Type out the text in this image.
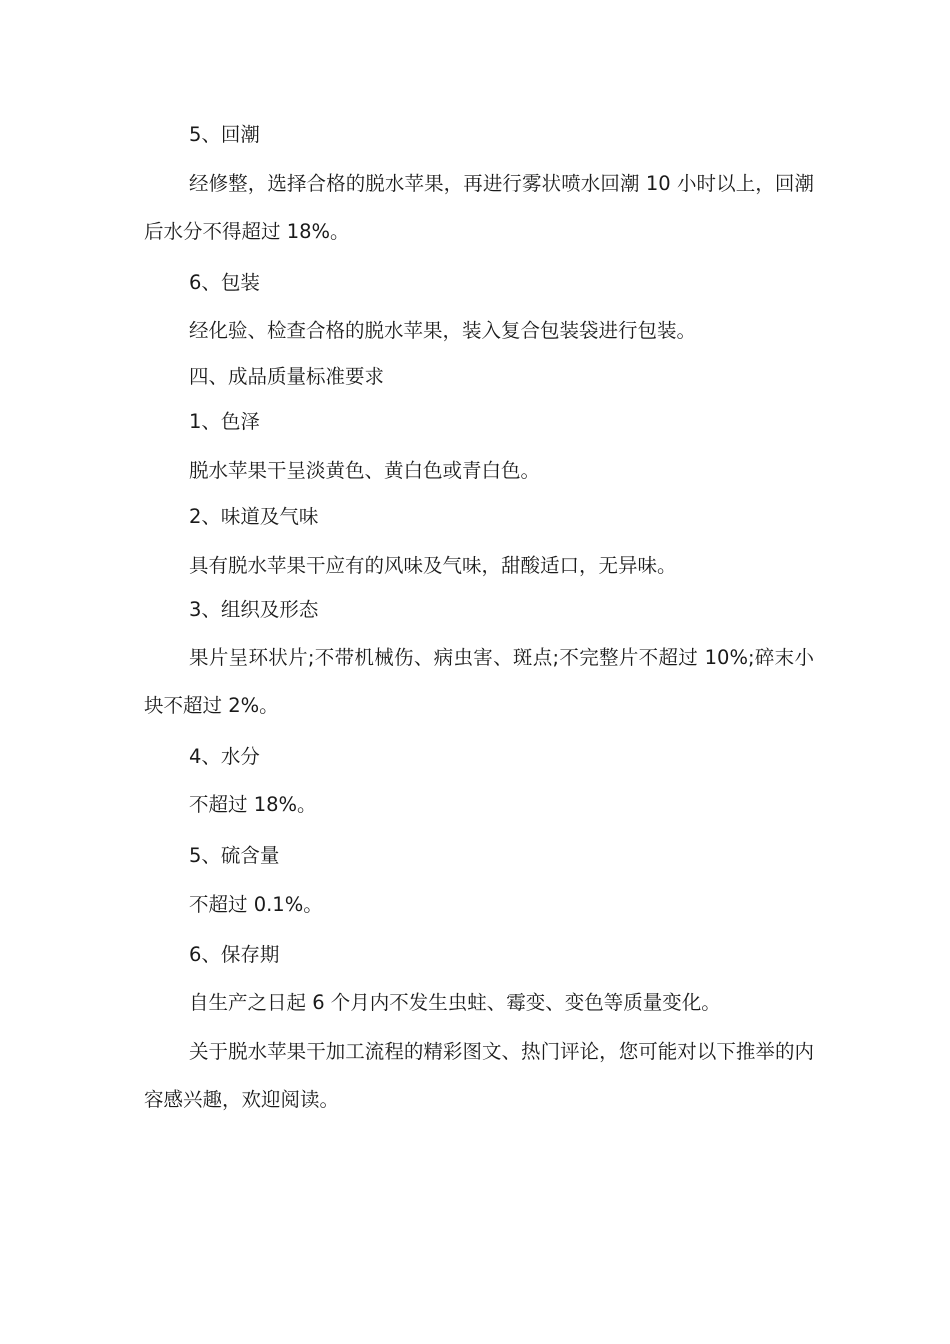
5、回潮

经修整，选择合格的脱水苹果，再进行雾状喷水回潮 10 小时以上，回潮后水分不得超过 18%。

6、包装

经化验、检查合格的脱水苹果，装入复合包装袋进行包装。

四、成品质量标准要求

1、色泽

脱水苹果干呈淡黄色、黄白色或青白色。

2、味道及气味

具有脱水苹果干应有的风味及气味，甜酸适口，无异味。

3、组织及形态

果片呈环状片;不带机械伤、病虫害、斑点;不完整片不超过 10%;碎末小块不超过 2%。

4、水分

不超过 18%。

5、硫含量

不超过 0.1%。

6、保存期

自生产之日起 6 个月内不发生虫蛀、霉变、变色等质量变化。

关于脱水苹果干加工流程的精彩图文、热门评论，您可能对以下推举的内容感兴趣，欢迎阅读。
